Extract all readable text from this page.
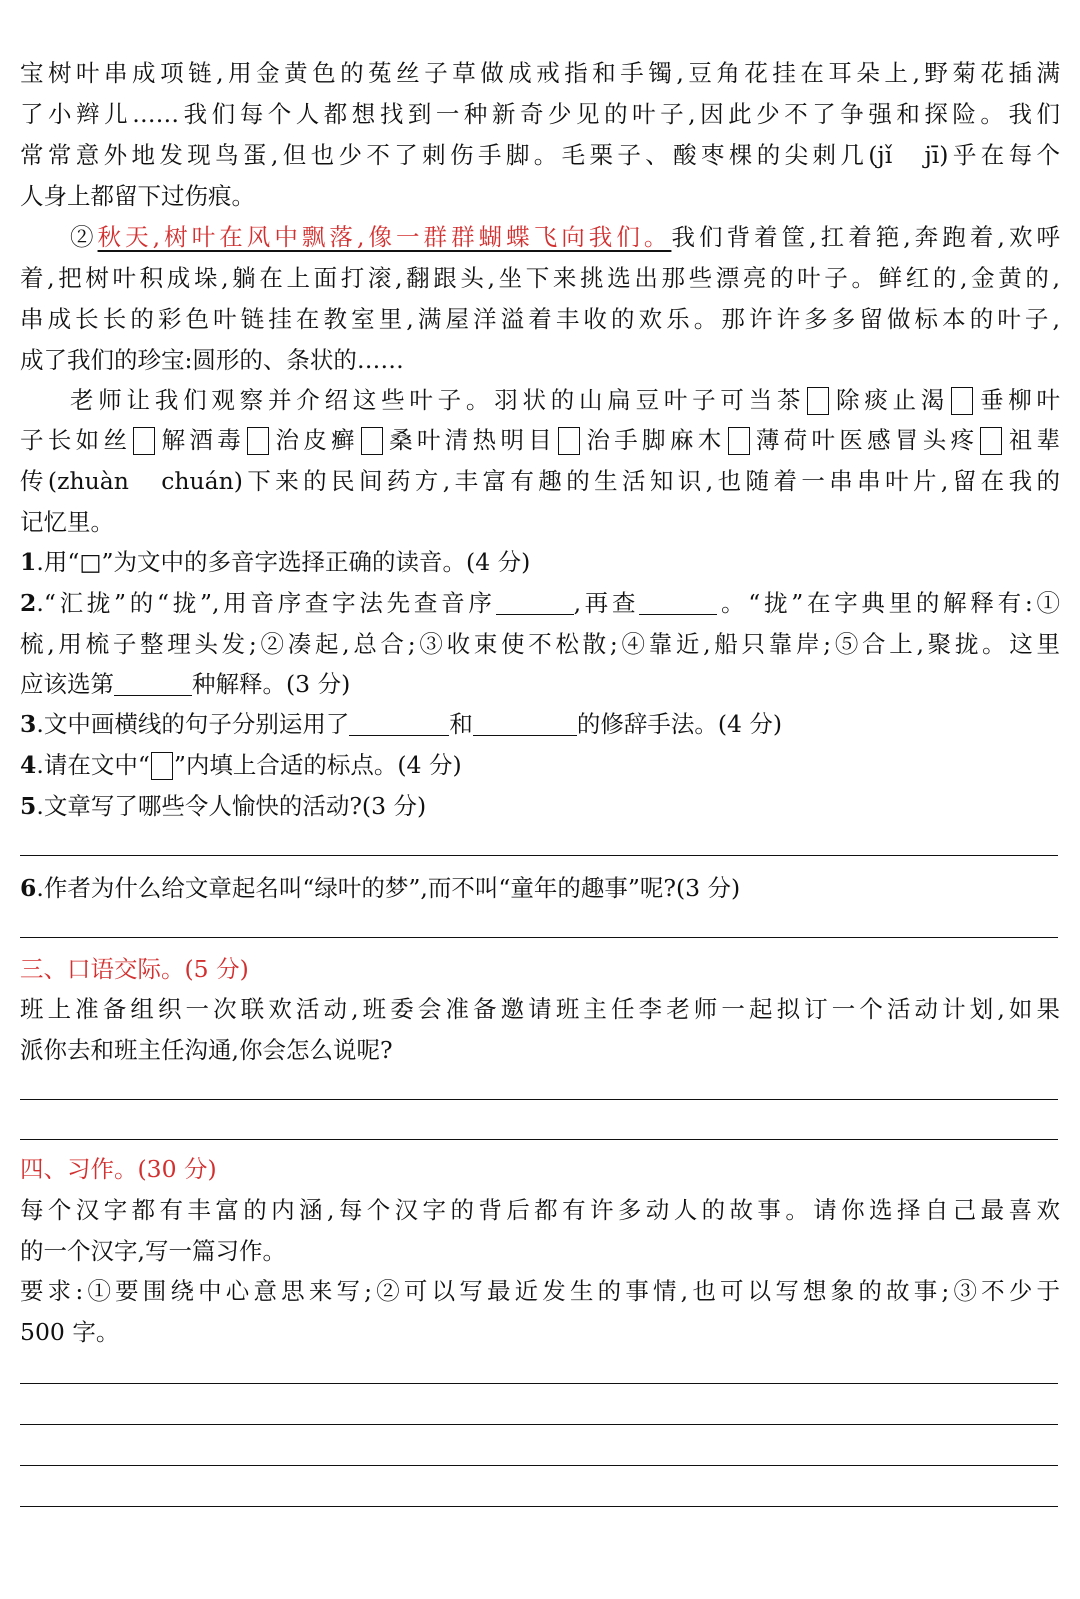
宝树叶串成项链,用金黄色的菟丝子草做成戒指和手镯,豆角花挂在耳朵上,野菊花插满
了小辫儿……我们每个人都想找到一种新奇少见的叶子,因此少不了争强和探险。我们
常常意外地发现鸟蛋,但也少不了刺伤手脚。毛栗子、酸枣棵的尖刺几(jǐ　jī)乎在每个
人身上都留下过伤痕。
②秋天,树叶在风中飘落,像一群群蝴蝶飞向我们。我们背着筐,扛着筢,奔跑着,欢呼
着,把树叶积成垛,躺在上面打滚,翻跟头,坐下来挑选出那些漂亮的叶子。鲜红的,金黄的,
串成长长的彩色叶链挂在教室里,满屋洋溢着丰收的欢乐。那许许多多留做标本的叶子,
成了我们的珍宝:圆形的、条状的……
老师让我们观察并介绍这些叶子。羽状的山扁豆叶子可当茶 除痰止渴 垂柳叶
子长如丝 解酒毒 治皮癣 桑叶清热明目 治手脚麻木 薄荷叶医感冒头疼 祖辈
传(zhuàn　chuán)下来的民间药方,丰富有趣的生活知识,也随着一串串叶片,留在我的
记忆里。
1.用“□”为文中的多音字选择正确的读音。(4 分)
2.“汇拢”的“拢”,用音序查字法先查音序	,再查	。“拢”在字典里的解释有:①
梳,用梳子整理头发;②凑起,总合;③收束使不松散;④靠近,船只靠岸;⑤合上,聚拢。这里
应该选第	种解释。(3 分)
3.文中画横线的句子分别运用了	和	的修辞手法。(4 分)
4.请在文中“ ”内填上合适的标点。(4 分)
5.文章写了哪些令人愉快的活动?(3 分)
6.作者为什么给文章起名叫“绿叶的梦”,而不叫“童年的趣事”呢?(3 分)
三、口语交际。(5 分)
班上准备组织一次联欢活动,班委会准备邀请班主任李老师一起拟订一个活动计划,如果
派你去和班主任沟通,你会怎么说呢?
四、习作。(30 分)
每个汉字都有丰富的内涵,每个汉字的背后都有许多动人的故事。请你选择自己最喜欢
的一个汉字,写一篇习作。
要求:①要围绕中心意思来写;②可以写最近发生的事情,也可以写想象的故事;③不少于
500 字。
